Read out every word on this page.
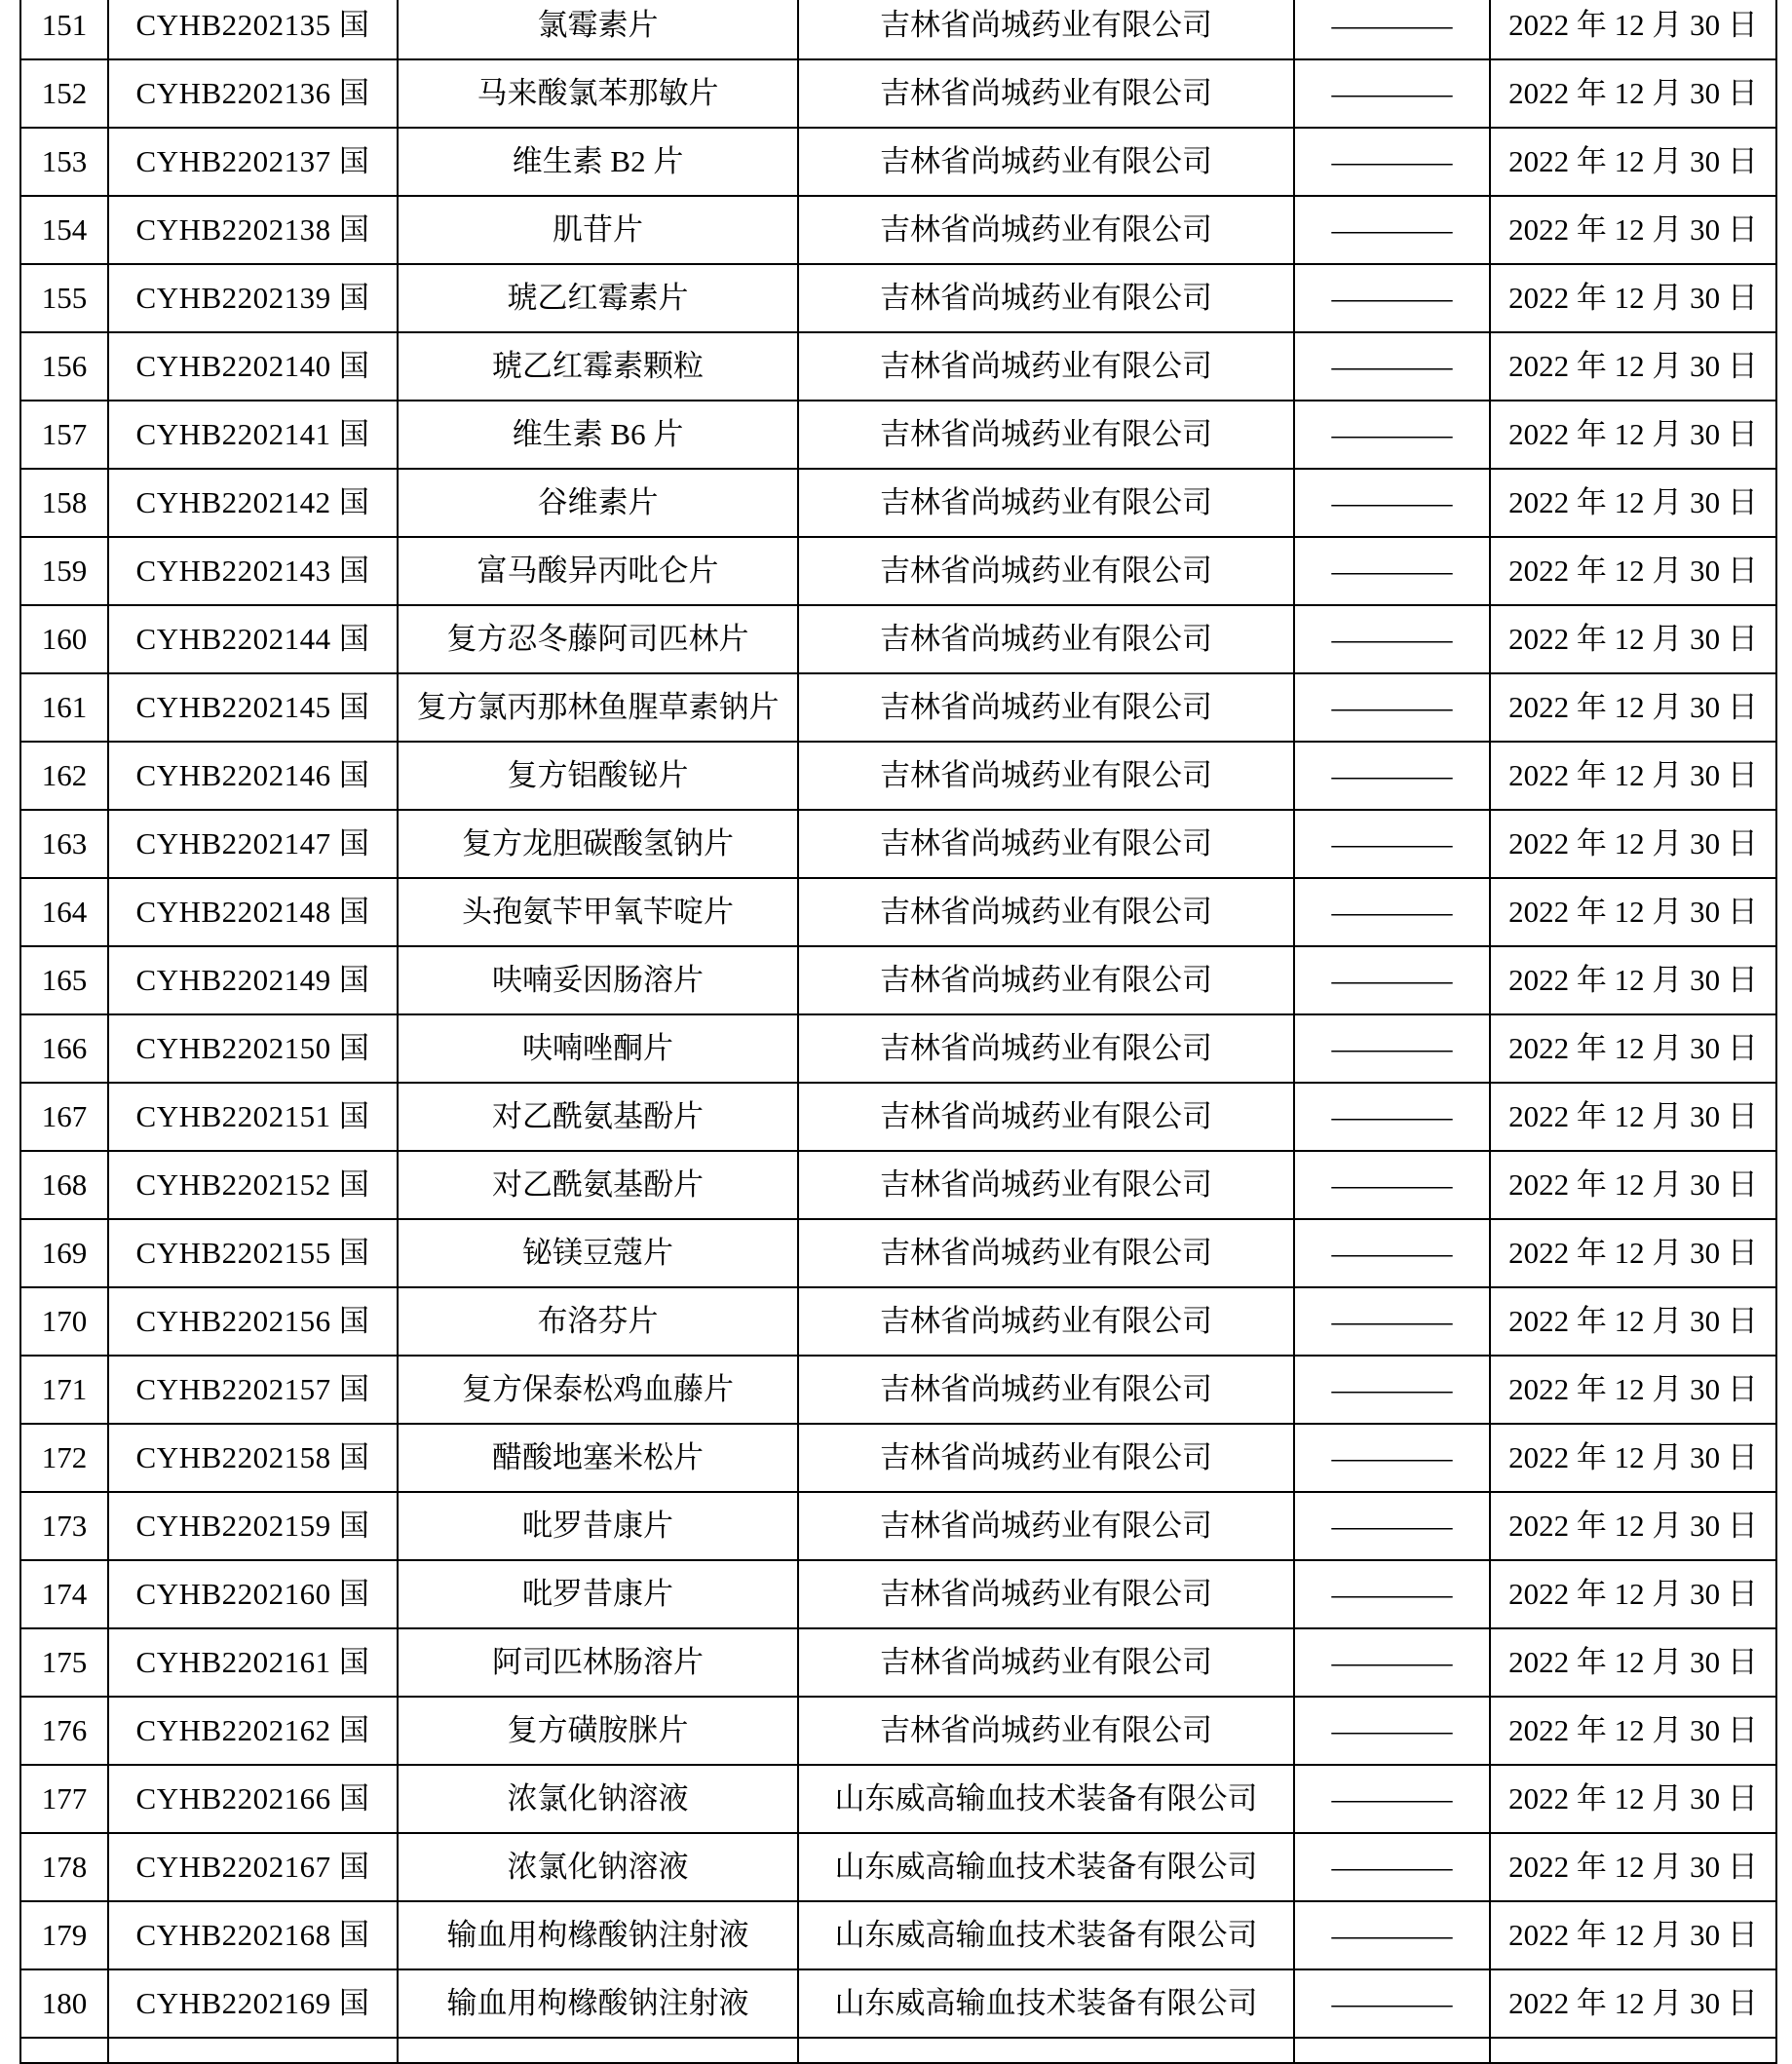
151	CYHB2202135 国	氯霉素片	吉林省尚城药业有限公司	————	2022 年 12 月 30 日
152	CYHB2202136 国	马来酸氯苯那敏片	吉林省尚城药业有限公司	————	2022 年 12 月 30 日
153	CYHB2202137 国	维生素 B2 片	吉林省尚城药业有限公司	————	2022 年 12 月 30 日
154	CYHB2202138 国	肌苷片	吉林省尚城药业有限公司	————	2022 年 12 月 30 日
155	CYHB2202139 国	琥乙红霉素片	吉林省尚城药业有限公司	————	2022 年 12 月 30 日
156	CYHB2202140 国	琥乙红霉素颗粒	吉林省尚城药业有限公司	————	2022 年 12 月 30 日
157	CYHB2202141 国	维生素 B6 片	吉林省尚城药业有限公司	————	2022 年 12 月 30 日
158	CYHB2202142 国	谷维素片	吉林省尚城药业有限公司	————	2022 年 12 月 30 日
159	CYHB2202143 国	富马酸异丙吡仑片	吉林省尚城药业有限公司	————	2022 年 12 月 30 日
160	CYHB2202144 国	复方忍冬藤阿司匹林片	吉林省尚城药业有限公司	————	2022 年 12 月 30 日
161	CYHB2202145 国	复方氯丙那林鱼腥草素钠片	吉林省尚城药业有限公司	————	2022 年 12 月 30 日
162	CYHB2202146 国	复方铝酸铋片	吉林省尚城药业有限公司	————	2022 年 12 月 30 日
163	CYHB2202147 国	复方龙胆碳酸氢钠片	吉林省尚城药业有限公司	————	2022 年 12 月 30 日
164	CYHB2202148 国	头孢氨苄甲氧苄啶片	吉林省尚城药业有限公司	————	2022 年 12 月 30 日
165	CYHB2202149 国	呋喃妥因肠溶片	吉林省尚城药业有限公司	————	2022 年 12 月 30 日
166	CYHB2202150 国	呋喃唑酮片	吉林省尚城药业有限公司	————	2022 年 12 月 30 日
167	CYHB2202151 国	对乙酰氨基酚片	吉林省尚城药业有限公司	————	2022 年 12 月 30 日
168	CYHB2202152 国	对乙酰氨基酚片	吉林省尚城药业有限公司	————	2022 年 12 月 30 日
169	CYHB2202155 国	铋镁豆蔻片	吉林省尚城药业有限公司	————	2022 年 12 月 30 日
170	CYHB2202156 国	布洛芬片	吉林省尚城药业有限公司	————	2022 年 12 月 30 日
171	CYHB2202157 国	复方保泰松鸡血藤片	吉林省尚城药业有限公司	————	2022 年 12 月 30 日
172	CYHB2202158 国	醋酸地塞米松片	吉林省尚城药业有限公司	————	2022 年 12 月 30 日
173	CYHB2202159 国	吡罗昔康片	吉林省尚城药业有限公司	————	2022 年 12 月 30 日
174	CYHB2202160 国	吡罗昔康片	吉林省尚城药业有限公司	————	2022 年 12 月 30 日
175	CYHB2202161 国	阿司匹林肠溶片	吉林省尚城药业有限公司	————	2022 年 12 月 30 日
176	CYHB2202162 国	复方磺胺脒片	吉林省尚城药业有限公司	————	2022 年 12 月 30 日
177	CYHB2202166 国	浓氯化钠溶液	山东威高输血技术装备有限公司	————	2022 年 12 月 30 日
178	CYHB2202167 国	浓氯化钠溶液	山东威高输血技术装备有限公司	————	2022 年 12 月 30 日
179	CYHB2202168 国	输血用枸橼酸钠注射液	山东威高输血技术装备有限公司	————	2022 年 12 月 30 日
180	CYHB2202169 国	输血用枸橼酸钠注射液	山东威高输血技术装备有限公司	————	2022 年 12 月 30 日
